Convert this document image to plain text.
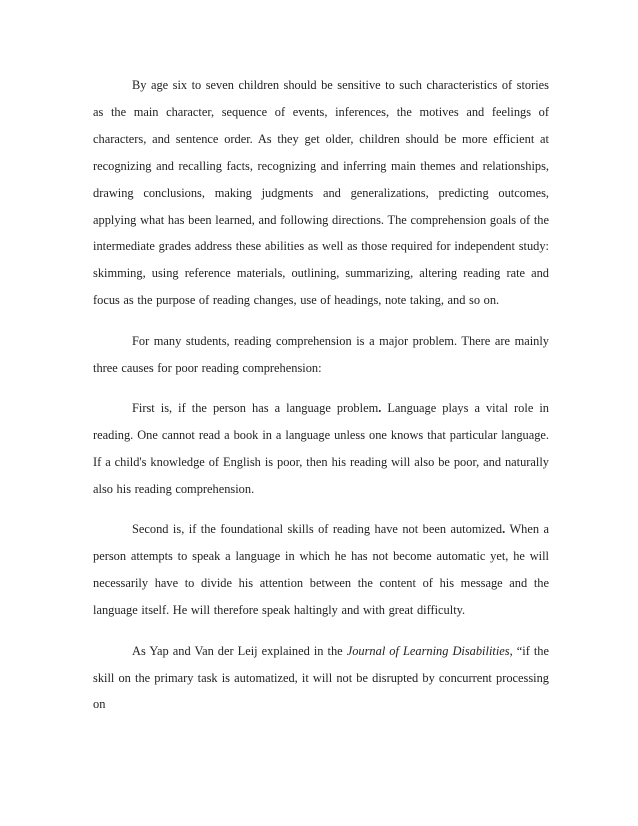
By age six to seven children should be sensitive to such characteristics of stories as the main character, sequence of events, inferences, the motives and feelings of characters, and sentence order. As they get older, children should be more efficient at recognizing and recalling facts, recognizing and inferring main themes and relationships, drawing conclusions, making judgments and generalizations, predicting outcomes, applying what has been learned, and following directions. The comprehension goals of the intermediate grades address these abilities as well as those required for independent study: skimming, using reference materials, outlining, summarizing, altering reading rate and focus as the purpose of reading changes, use of headings, note taking, and so on.

For many students, reading comprehension is a major problem. There are mainly three causes for poor reading comprehension:

First is, if the person has a language problem. Language plays a vital role in reading. One cannot read a book in a language unless one knows that particular language. If a child's knowledge of English is poor, then his reading will also be poor, and naturally also his reading comprehension.

Second is, if the foundational skills of reading have not been automized. When a person attempts to speak a language in which he has not become automatic yet, he will necessarily have to divide his attention between the content of his message and the language itself. He will therefore speak haltingly and with great difficulty.

As Yap and Van der Leij explained in the Journal of Learning Disabilities, “if the skill on the primary task is automatized, it will not be disrupted by concurrent processing on
